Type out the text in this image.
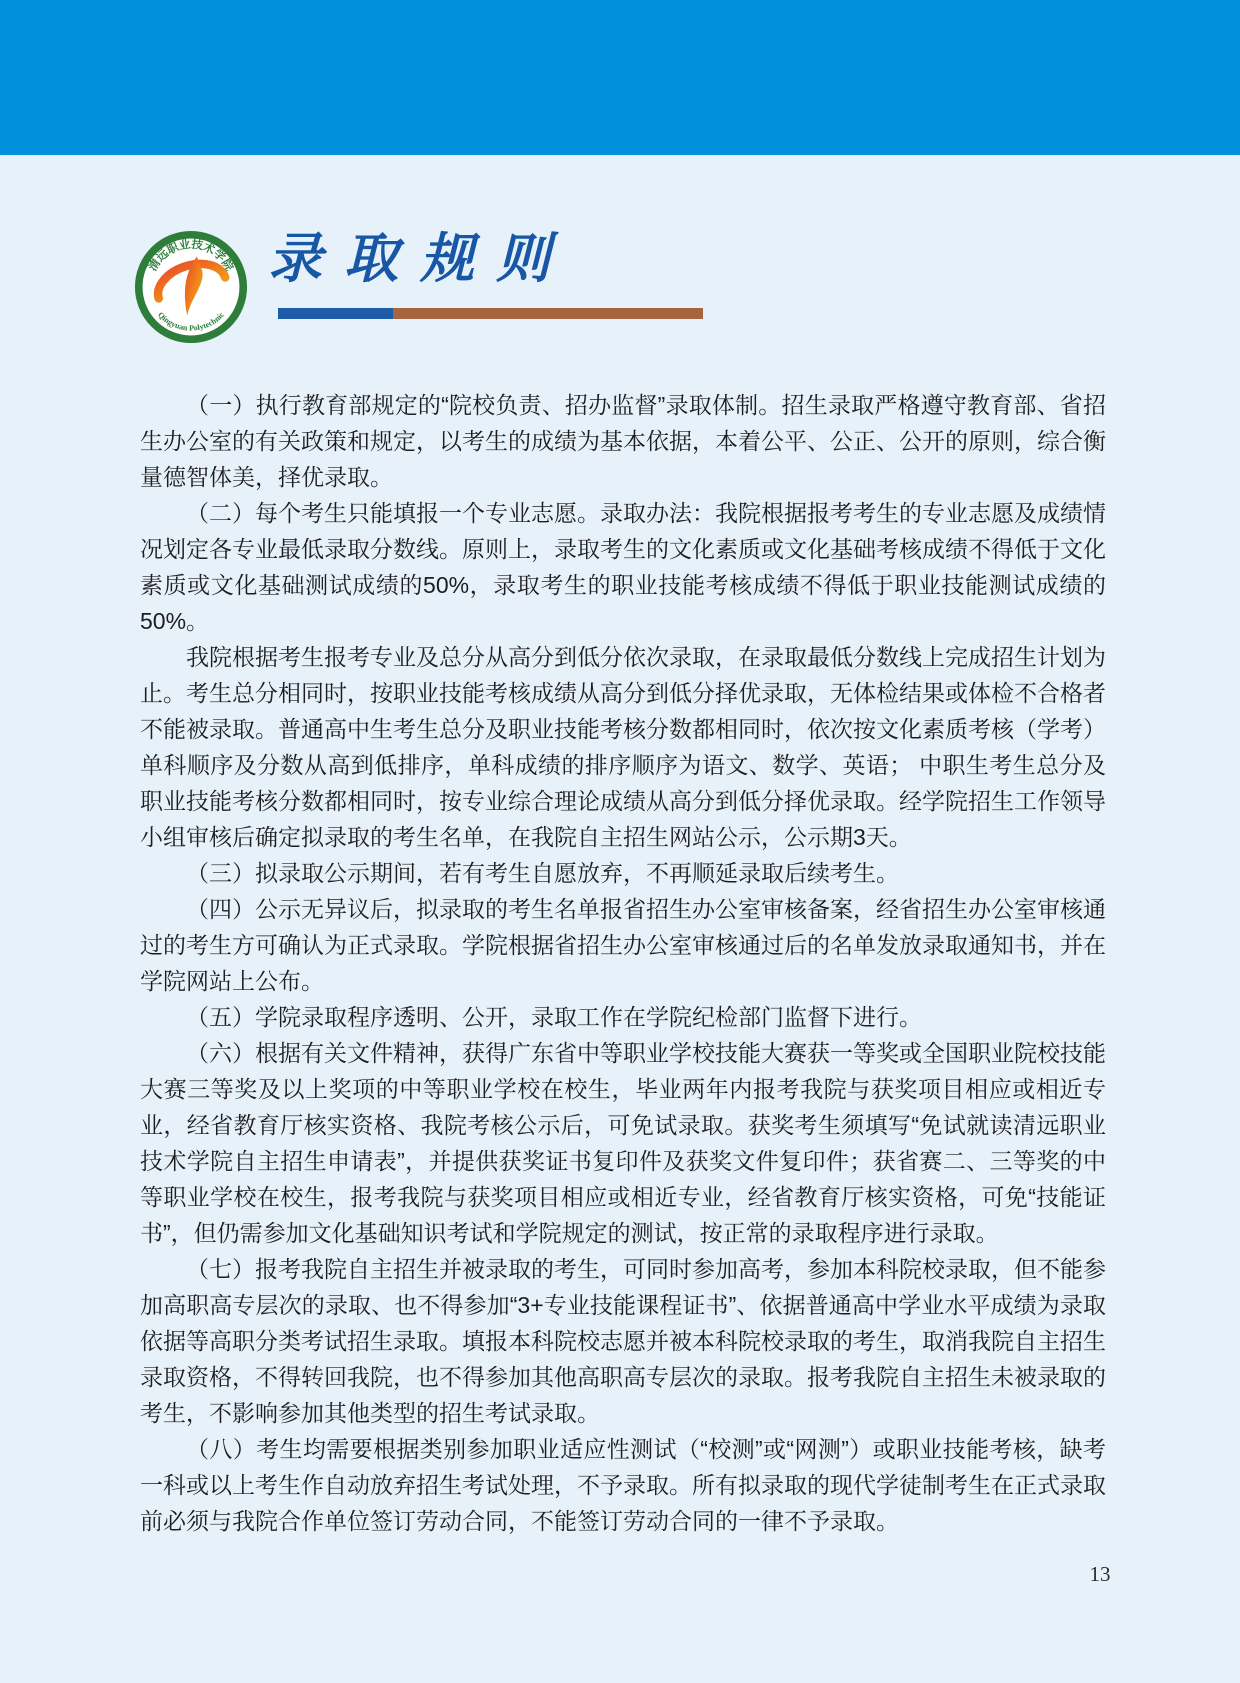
清远职业技术学院
Qingyuan Polytechnic
录取规则

（一）执行教育部规定的“院校负责、招办监督”录取体制。招生录取严格遵守教育部、省招生办公室的有关政策和规定，以考生的成绩为基本依据，本着公平、公正、公开的原则，综合衡量德智体美，择优录取。

（二）每个考生只能填报一个专业志愿。录取办法：我院根据报考考生的专业志愿及成绩情况划定各专业最低录取分数线。原则上，录取考生的文化素质或文化基础考核成绩不得低于文化素质或文化基础测试成绩的50%，录取考生的职业技能考核成绩不得低于职业技能测试成绩的50%。

我院根据考生报考专业及总分从高分到低分依次录取，在录取最低分数线上完成招生计划为止。考生总分相同时，按职业技能考核成绩从高分到低分择优录取，无体检结果或体检不合格者不能被录取。普通高中生考生总分及职业技能考核分数都相同时，依次按文化素质考核（学考）单科顺序及分数从高到低排序，单科成绩的排序顺序为语文、数学、英语； 中职生考生总分及职业技能考核分数都相同时，按专业综合理论成绩从高分到低分择优录取。经学院招生工作领导小组审核后确定拟录取的考生名单，在我院自主招生网站公示，公示期3天。

（三）拟录取公示期间，若有考生自愿放弃，不再顺延录取后续考生。

（四）公示无异议后，拟录取的考生名单报省招生办公室审核备案，经省招生办公室审核通过的考生方可确认为正式录取。学院根据省招生办公室审核通过后的名单发放录取通知书，并在学院网站上公布。

（五）学院录取程序透明、公开，录取工作在学院纪检部门监督下进行。

（六）根据有关文件精神，获得广东省中等职业学校技能大赛获一等奖或全国职业院校技能大赛三等奖及以上奖项的中等职业学校在校生，毕业两年内报考我院与获奖项目相应或相近专业，经省教育厅核实资格、我院考核公示后，可免试录取。获奖考生须填写“免试就读清远职业技术学院自主招生申请表”，并提供获奖证书复印件及获奖文件复印件；获省赛二、三等奖的中等职业学校在校生，报考我院与获奖项目相应或相近专业，经省教育厅核实资格，可免“技能证书”，但仍需参加文化基础知识考试和学院规定的测试，按正常的录取程序进行录取。

（七）报考我院自主招生并被录取的考生，可同时参加高考，参加本科院校录取，但不能参加高职高专层次的录取、也不得参加“3+专业技能课程证书”、依据普通高中学业水平成绩为录取依据等高职分类考试招生录取。填报本科院校志愿并被本科院校录取的考生，取消我院自主招生录取资格，不得转回我院，也不得参加其他高职高专层次的录取。报考我院自主招生未被录取的考生，不影响参加其他类型的招生考试录取。

（八）考生均需要根据类别参加职业适应性测试（“校测”或“网测”）或职业技能考核，缺考一科或以上考生作自动放弃招生考试处理，不予录取。所有拟录取的现代学徒制考生在正式录取前必须与我院合作单位签订劳动合同，不能签订劳动合同的一律不予录取。

13
